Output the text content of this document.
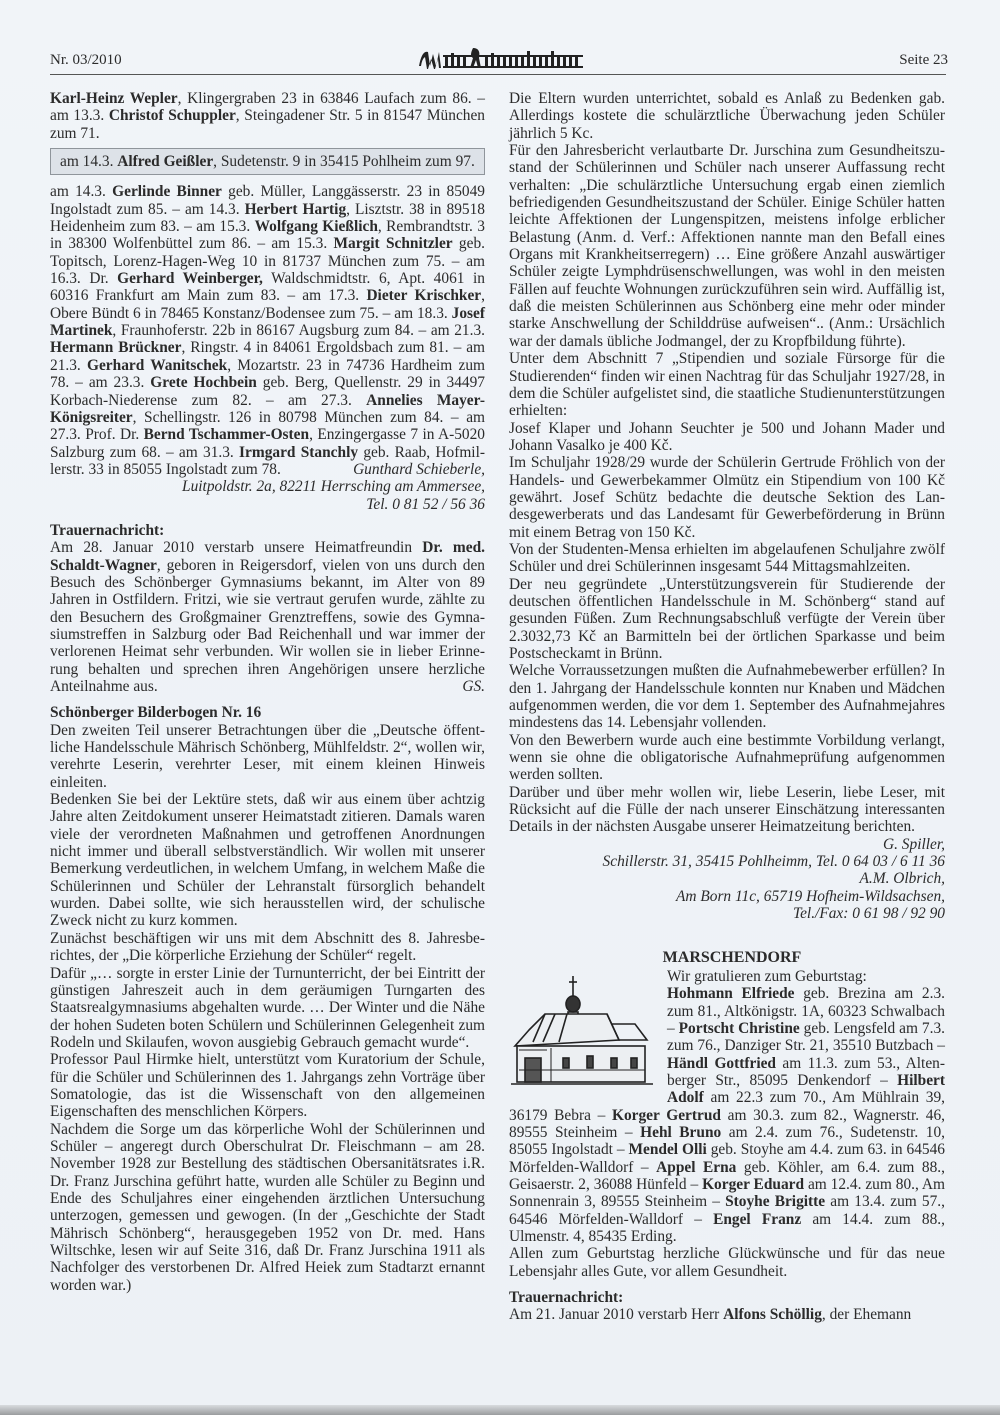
Nr. 03/2010	Seite 23

Karl-Heinz Wepler, Klingergraben 23 in 63846 Laufach zum 86. – am 13.3. Christof Schuppler, Steingadener Str. 5 in 81547 München zum 71.

am 14.3. Alfred Geißler, Sudetenstr. 9 in 35415 Pohlheim zum 97.

am 14.3. Gerlinde Binner geb. Müller, Langgässerstr. 23 in 85049 Ingolstadt zum 85. – am 14.3. Herbert Hartig, Lisztstr. 38 in 89518 Heidenheim zum 83. – am 15.3. Wolfgang Kießlich, Rembrandtstr. 3 in 38300 Wolfenbüttel zum 86. – am 15.3. Margit Schnitzler geb. Topitsch, Lorenz-Hagen-Weg 10 in 81737 München zum 75. – am 16.3. Dr. Gerhard Weinberger, Waldschmidtstr. 6, Apt. 4061 in 60316 Frankfurt am Main zum 83. – am 17.3. Dieter Krischker, Obere Bündt 6 in 78465 Konstanz/Bodensee zum 75. – am 18.3. Josef Martinek, Fraunhoferstr. 22b in 86167 Augsburg zum 84. – am 21.3. Hermann Brückner, Ringstr. 4 in 84061 Ergoldsbach zum 81. – am 21.3. Gerhard Wanitschek, Mozartstr. 23 in 74736 Hardheim zum 78. – am 23.3. Grete Hochbein geb. Berg, Quellenstr. 29 in 34497 Korbach-Niederense zum 82. – am 27.3. Annelies Mayer-Königsreiter, Schellingstr. 126 in 80798 München zum 84. – am 27.3. Prof. Dr. Bernd Tschammer-Osten, Enzingergasse 7 in A-5020 Salzburg zum 68. – am 31.3. Irmgard Stanchly geb. Raab, Hofmillerstr. 33 in 85055 Ingolstadt zum 78.	Gunthard Schieberle,

Luitpoldstr. 2a, 82211 Herrsching am Ammersee,

Tel. 0 81 52 / 56 36

Trauernachricht:

Am 28. Januar 2010 verstarb unsere Heimatfreundin Dr. med. Schaldt-Wagner, geboren in Reigersdorf, vielen von uns durch den Besuch des Schönberger Gymnasiums bekannt, im Alter von 89 Jahren in Ostfildern. Fritzi, wie sie vertraut gerufen wurde, zählte zu den Besuchern des Großgmainer Grenztreffens, sowie des Gymnasiumstreffen in Salzburg oder Bad Reichenhall und war immer der verlorenen Heimat sehr verbunden. Wir wollen sie in lieber Erinnerung behalten und sprechen ihren Angehörigen unsere herzliche Anteilnahme aus.	GS.

Schönberger Bilderbogen Nr. 16

Den zweiten Teil unserer Betrachtungen über die „Deutsche öffentliche Handelsschule Mährisch Schönberg, Mühlfeldstr. 2“, wollen wir, verehrte Leserin, verehrter Leser, mit einem kleinen Hinweis einleiten.

Bedenken Sie bei der Lektüre stets, daß wir aus einem über achtzig Jahre alten Zeitdokument unserer Heimatstadt zitieren. Damals waren viele der verordneten Maßnahmen und getroffenen Anordnungen nicht immer und überall selbstverständlich. Wir wollen mit unserer Bemerkung verdeutlichen, in welchem Umfang, in welchem Maße die Schülerinnen und Schüler der Lehranstalt fürsorglich behandelt wurden. Dabei sollte, wie sich herausstellen wird, der schulische Zweck nicht zu kurz kommen.

Zunächst beschäftigen wir uns mit dem Abschnitt des 8. Jahresberichtes, der „Die körperliche Erziehung der Schüler“ regelt.

Dafür „… sorgte in erster Linie der Turnunterricht, der bei Eintritt der günstigen Jahreszeit auch in dem geräumigen Turngarten des Staatsrealgymnasiums abgehalten wurde. … Der Winter und die Nähe der hohen Sudeten boten Schülern und Schülerinnen Gelegenheit zum Rodeln und Skilaufen, wovon ausgiebig Gebrauch gemacht wurde“.

Professor Paul Hirmke hielt, unterstützt vom Kuratorium der Schule, für die Schüler und Schülerinnen des 1. Jahrgangs zehn Vorträge über Somatologie, das ist die Wissenschaft von den allgemeinen Eigenschaften des menschlichen Körpers.

Nachdem die Sorge um das körperliche Wohl der Schülerinnen und Schüler – angeregt durch Oberschulrat Dr. Fleischmann – am 28. November 1928 zur Bestellung des städtischen Obersanitätsrates i.R. Dr. Franz Jurschina geführt hatte, wurden alle Schüler zu Beginn und Ende des Schuljahres einer eingehenden ärztlichen Untersuchung unterzogen, gemessen und gewogen. (In der „Geschichte der Stadt Mährisch Schönberg“, herausgegeben 1952 von Dr. med. Hans Wiltschke, lesen wir auf Seite 316, daß Dr. Franz Jurschina 1911 als Nachfolger des verstorbenen Dr. Alfred Heiek zum Stadtarzt ernannt worden war.)

Die Eltern wurden unterrichtet, sobald es Anlaß zu Bedenken gab. Allerdings kostete die schulärztliche Überwachung jeden Schüler jährlich 5 Kc.

Für den Jahresbericht verlautbarte Dr. Jurschina zum Gesundheitszustand der Schülerinnen und Schüler nach unserer Auffassung recht verhalten: „Die schulärztliche Untersuchung ergab einen ziemlich befriedigenden Gesundheitszustand der Schüler. Einige Schüler hatten leichte Affektionen der Lungenspitzen, meistens infolge erblicher Belastung (Anm. d. Verf.: Affektionen nannte man den Befall eines Organs mit Krankheitserregern) … Eine größere Anzahl auswärtiger Schüler zeigte Lymphdrüsenschwellungen, was wohl in den meisten Fällen auf feuchte Wohnungen zurückzuführen sein wird. Auffällig ist, daß die meisten Schülerinnen aus Schönberg eine mehr oder minder starke Anschwellung der Schilddrüse aufweisen“.. (Anm.: Ursächlich war der damals übliche Jodmangel, der zu Kropfbildung führte).

Unter dem Abschnitt 7 „Stipendien und soziale Fürsorge für die Studierenden“ finden wir einen Nachtrag für das Schuljahr 1927/28, in dem die Schüler aufgelistet sind, die staatliche Studienunterstützungen erhielten:

Josef Klaper und Johann Seuchter je 500 und Johann Mader und Johann Vasalko je 400 Kč.

Im Schuljahr 1928/29 wurde der Schülerin Gertrude Fröhlich von der Handels- und Gewerbekammer Olmütz ein Stipendium von 100 Kč gewährt. Josef Schütz bedachte die deutsche Sektion des Landesgewerberats und das Landesamt für Gewerbeförderung in Brünn mit einem Betrag von 150 Kč.

Von der Studenten-Mensa erhielten im abgelaufenen Schuljahre zwölf Schüler und drei Schülerinnen insgesamt 544 Mittagsmahlzeiten.

Der neu gegründete „Unterstützungsverein für Studierende der deutschen öffentlichen Handelsschule in M. Schönberg“ stand auf gesunden Füßen. Zum Rechnungsabschluß verfügte der Verein über 2.3032,73 Kč an Barmitteln bei der örtlichen Sparkasse und beim Postscheckamt in Brünn.

Welche Vorraussetzungen mußten die Aufnahmebewerber erfüllen? In den 1. Jahrgang der Handelsschule konnten nur Knaben und Mädchen aufgenommen werden, die vor dem 1. September des Aufnahmejahres mindestens das 14. Lebensjahr vollenden.

Von den Bewerbern wurde auch eine bestimmte Vorbildung verlangt, wenn sie ohne die obligatorische Aufnahmeprüfung aufgenommen werden sollten.

Darüber und über mehr wollen wir, liebe Leserin, liebe Leser, mit Rücksicht auf die Fülle der nach unserer Einschätzung interessanten Details in der nächsten Ausgabe unserer Heimatzeitung berichten.

G. Spiller,

Schillerstr. 31, 35415 Pohlheimm, Tel. 0 64 03 / 6 11 36

A.M. Olbrich,

Am Born 11c, 65719 Hofheim-Wildsachsen,

Tel./Fax: 0 61 98 / 92 90

MARSCHENDORF

Wir gratulieren zum Geburtstag:

Hohmann Elfriede geb. Brezina am 2.3. zum 81., Altkönigstr. 1A, 60323 Schwalbach – Portscht Christine geb. Lengsfeld am 7.3. zum 76., Danziger Str. 21, 35510 Butzbach – Händl Gottfried am 11.3. zum 53., Altenberger Str., 85095 Denkendorf – Hilbert Adolf am 22.3 zum 70., Am Mühlrain 39, 36179 Bebra – Korger Gertrud am 30.3. zum 82., Wagnerstr. 46, 89555 Steinheim – Hehl Bruno am 2.4. zum 76., Sudetenstr. 10, 85055 Ingolstadt – Mendel Olli geb. Stoyhe am 4.4. zum 63. in 64546 Mörfelden-Walldorf – Appel Erna geb. Köhler, am 6.4. zum 88., Geisaerstr. 2, 36088 Hünfeld – Korger Eduard am 12.4. zum 80., Am Sonnenrain 3, 89555 Steinheim – Stoyhe Brigitte am 13.4. zum 57., 64546 Mörfelden-Walldorf – Engel Franz am 14.4. zum 88., Ulmenstr. 4, 85435 Erding.

Allen zum Geburtstag herzliche Glückwünsche und für das neue Lebensjahr alles Gute, vor allem Gesundheit.

Trauernachricht:

Am 21. Januar 2010 verstarb Herr Alfons Schöllig, der Ehemann
